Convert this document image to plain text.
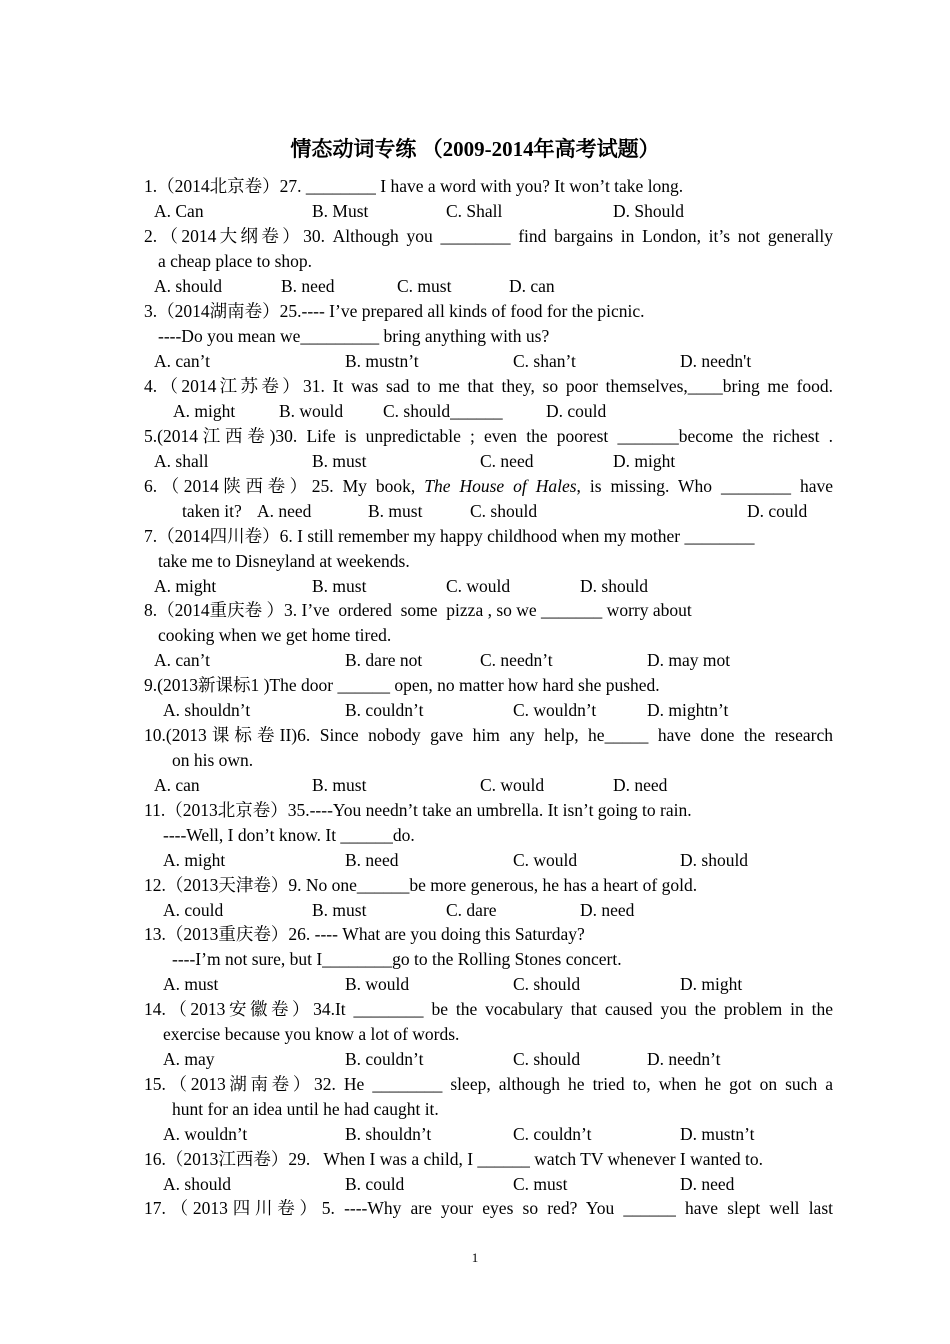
情态动词专练 （2009-2014年高考试题）
1.（2014北京卷）27. ________ I have a word with you? It won’t take long.
A. Can	B. Must	C. Shall	D. Should
2.（2014大纲卷）30. Although you ________ find bargains in London, it’s not generally
a cheap place to shop.
A. should	B. need	C. must	D. can
3.（2014湖南卷）25.---- I’ve prepared all kinds of food for the picnic.
----Do you mean we_________ bring anything with us?
A. can’t	B. mustn’t	C. shan’t	D. needn't
4.（2014江苏卷）31. It was sad to me that they, so poor themselves,____bring me food.
A. might	B. would C. should______ D. could
5.(2014江西卷)30. Life is unpredictable ; even the poorest _______become the richest .
A. shall	B. must	C. need	D. might
6.（2014陕西卷）25. My book, The House of Hales, is missing. Who ________ have
taken it? A. need	B. must	C. should	D. could
7.（2014四川卷）6. I still remember my happy childhood when my mother ________
take me to Disneyland at weekends.
A. might	B. must	C. would	D. should
8.（2014重庆卷 ）3. I’ve  ordered  some  pizza , so we _______ worry about
cooking when we get home tired.
A. can’t	B. dare not	C. needn’t	D. may mot
9.(2013新课标1 )The door ______ open, no matter how hard she pushed.
A. shouldn’t	B. couldn’t	C. wouldn’t	D. mightn’t
10.(2013课标卷II)6. Since nobody gave him any help, he_____ have done the research
on his own.
A. can	B. must	C. would	D. need
11.（2013北京卷）35.----You needn’t take an umbrella. It isn’t going to rain.
----Well, I don’t know. It ______do.
A. might	B. need	C. would	D. should
12.（2013天津卷）9. No one______be more generous, he has a heart of gold.
A. could	B. must	C. dare	D. need
13.（2013重庆卷）26. ---- What are you doing this Saturday?
----I’m not sure, but I________go to the Rolling Stones concert.
A. must	B. would	C. should	D. might
14.（2013安徽卷）34.It ________ be the vocabulary that caused you the problem in the
exercise because you know a lot of words.
A. may	B. couldn’t	C. should	D. needn’t
15.（2013湖南卷）32. He ________ sleep, although he tried to, when he got on such a
hunt for an idea until he had caught it.
A. wouldn’t	B. shouldn’t	C. couldn’t	D. mustn’t
16.（2013江西卷）29.   When I was a child, I ______ watch TV whenever I wanted to.
A. should	B. could	C. must	D. need
17.（2013四川卷）5. ----Why are your eyes so red? You ______ have slept well last
1
